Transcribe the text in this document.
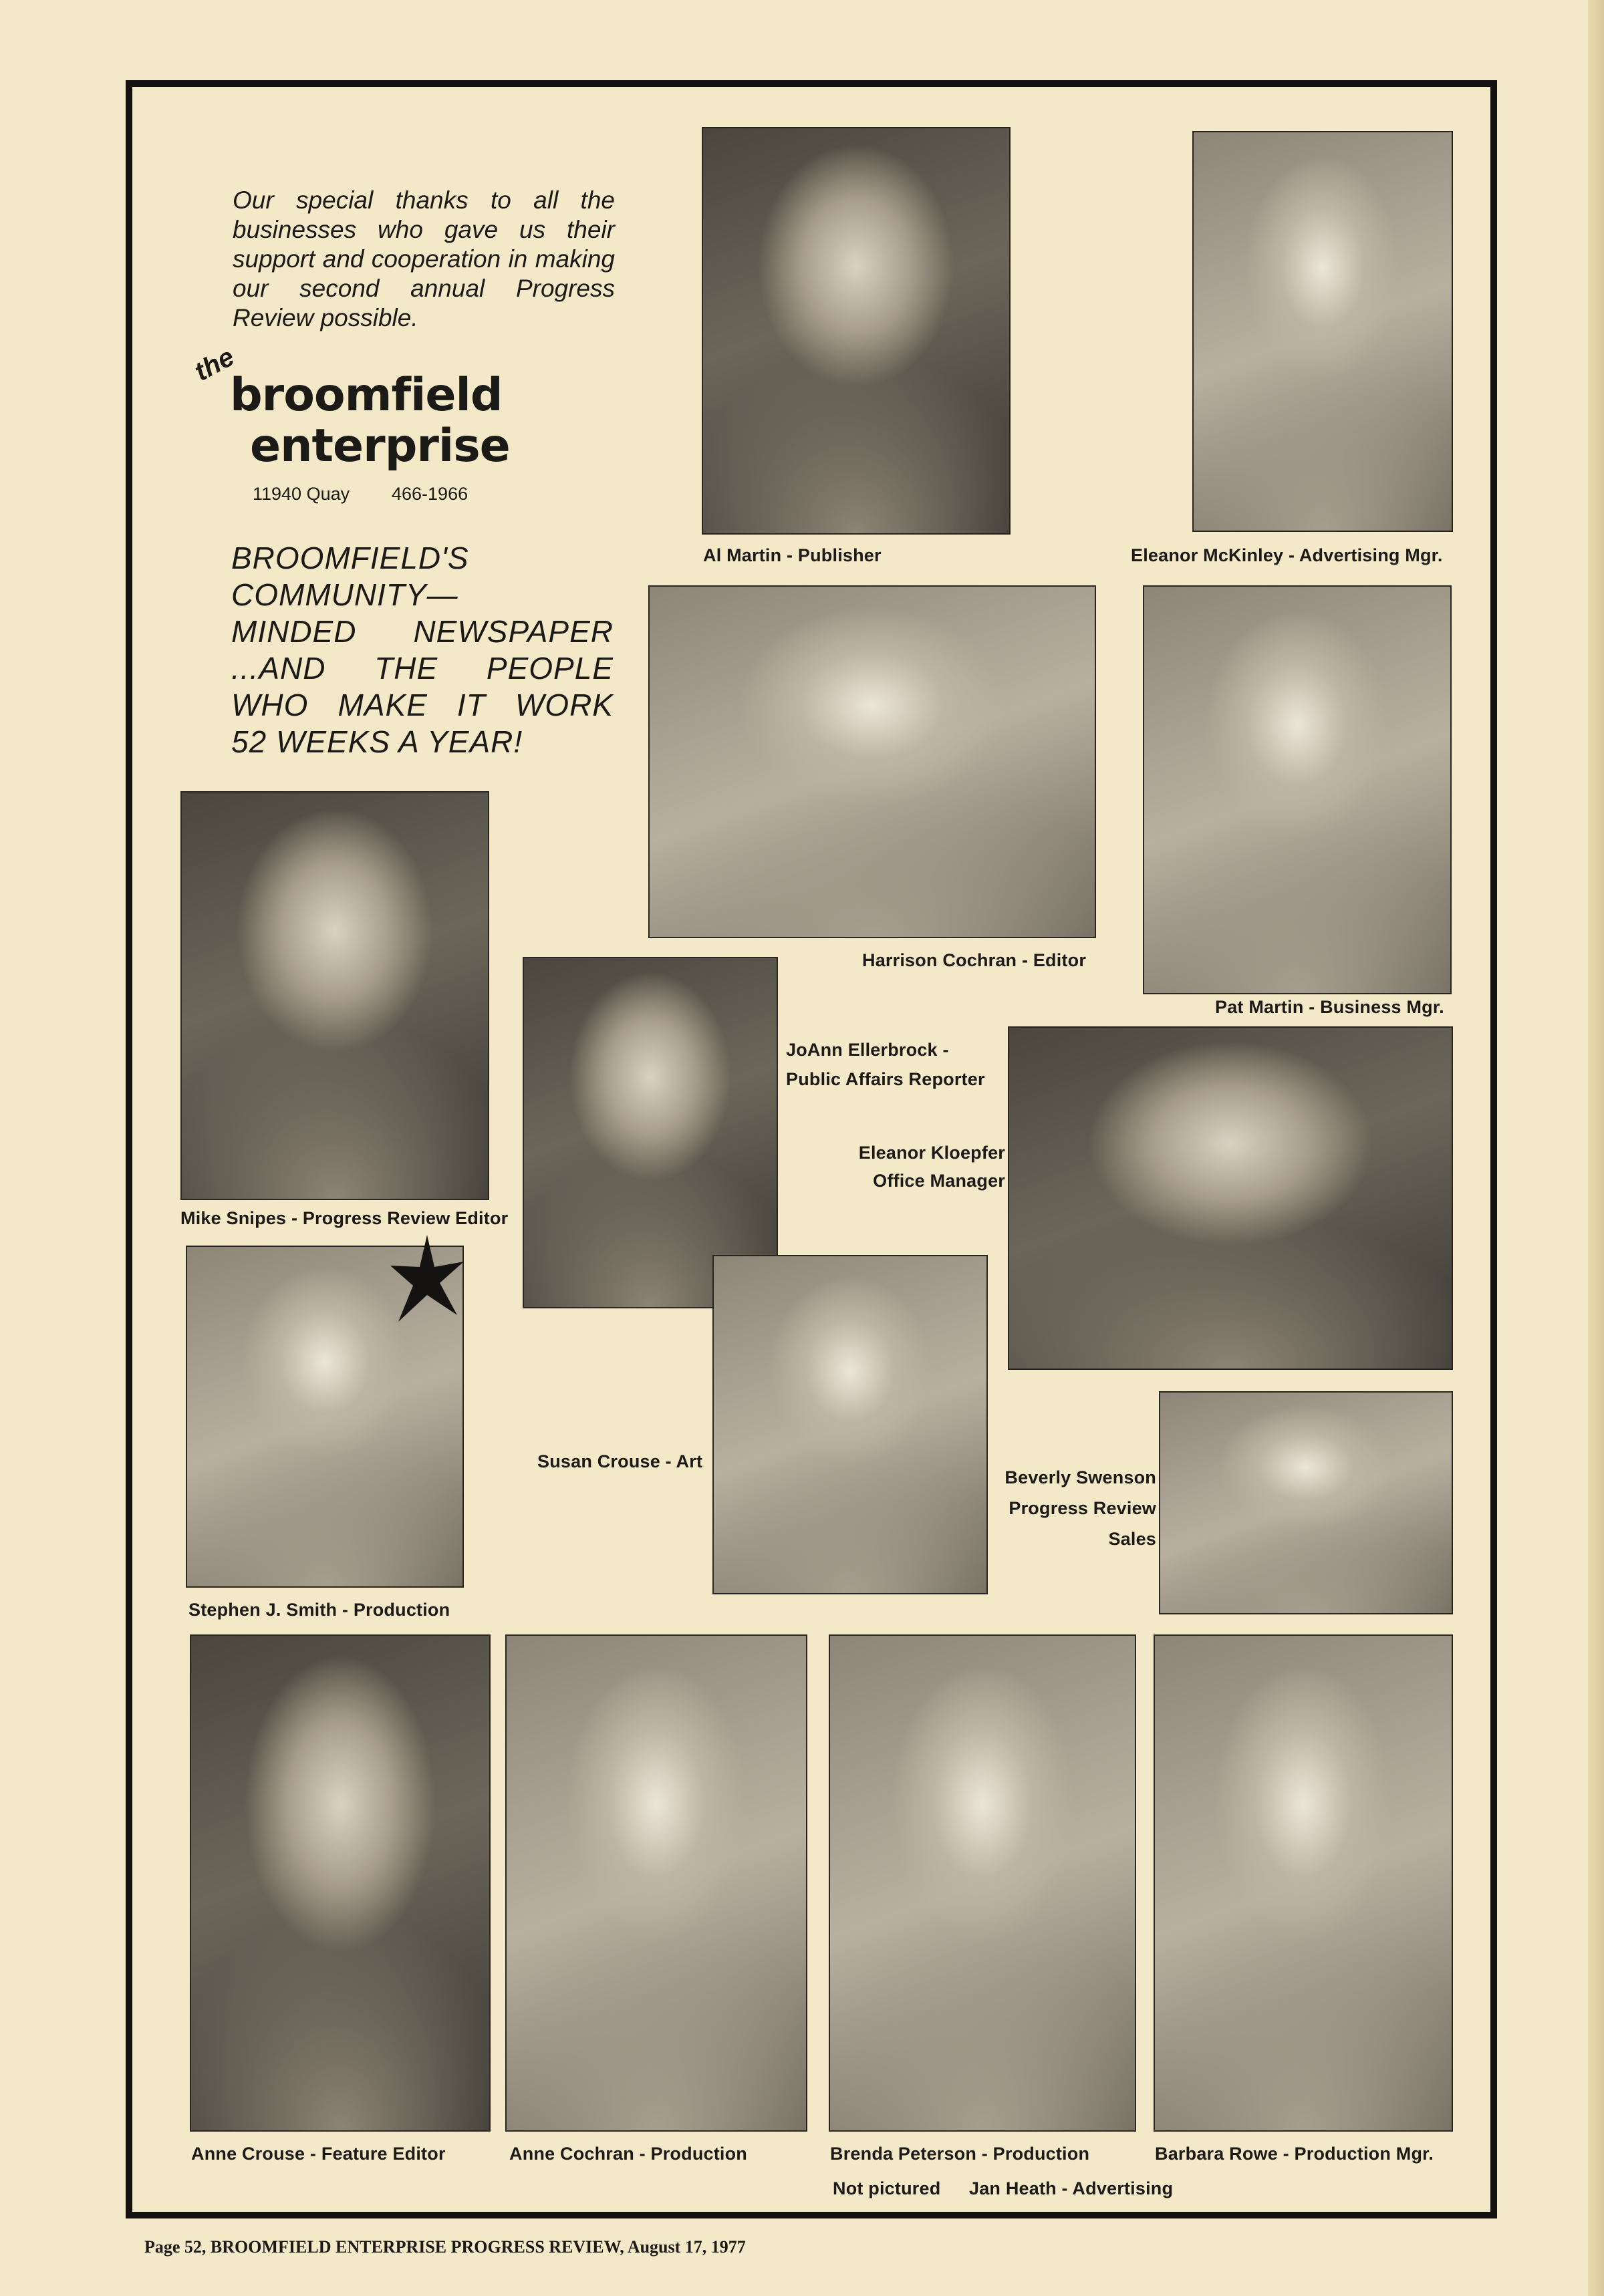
Our special thanks to all the businesses who gave us their support and cooperation in making our second annual Progress Review possible.
the
broomfield
enterprise
11940 Quay 466-1966
BROOMFIELD'S
COMMUNITY—
MINDED NEWSPAPER
...AND THE PEOPLE
WHO MAKE IT WORK
52 WEEKS A YEAR!
Al Martin - Publisher	Eleanor McKinley - Advertising Mgr.
Harrison Cochran - Editor
Pat Martin - Business Mgr.
Mike Snipes - Progress Review Editor
JoAnn Ellerbrock -
Public Affairs Reporter
Eleanor Kloepfer
Office Manager
Susan Crouse - Art
Beverly Swenson
Progress Review
Sales
Stephen J. Smith - Production
Anne Crouse - Feature Editor	Anne Cochran - Production	Brenda Peterson - Production	Barbara Rowe - Production Mgr.
Not pictured Jan Heath - Advertising
Page 52, BROOMFIELD ENTERPRISE PROGRESS REVIEW, August 17, 1977
